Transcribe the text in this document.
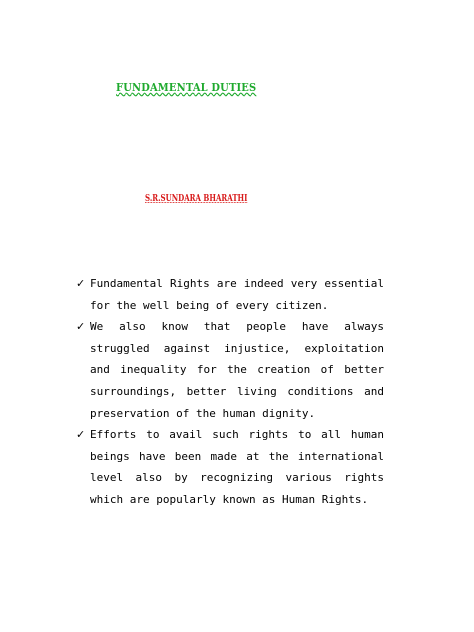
FUNDAMENTAL DUTIES
S.R.SUNDARA BHARATHI
✓ Fundamental Rights are indeed very essential for the well being of every citizen.
✓ We also know that people have always struggled against injustice, exploitation and inequality for the creation of better surroundings, better living conditions and preservation of the human dignity.
✓ Efforts to avail such rights to all human beings have been made at the international level also by recognizing various rights which are popularly known as Human Rights.
